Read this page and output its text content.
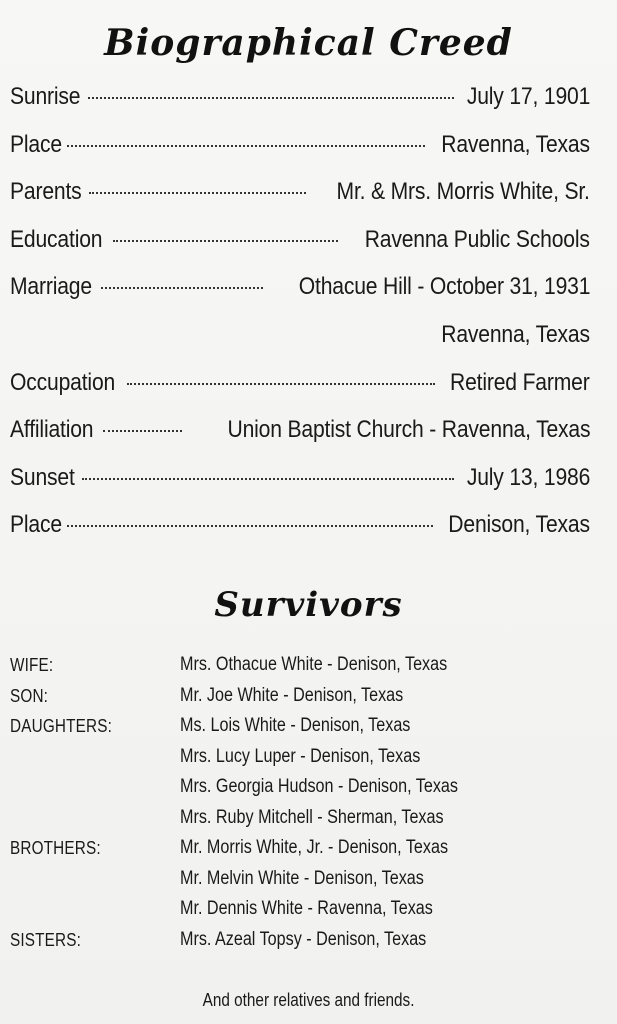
Biographical Creed
Sunrise	July 17, 1901
Place	Ravenna, Texas
Parents	Mr. & Mrs. Morris White, Sr.
Education	Ravenna Public Schools
Marriage	Othacue Hill - October 31, 1931
Ravenna, Texas
Occupation	Retired Farmer
Affiliation	Union Baptist Church - Ravenna, Texas
Sunset	July 13, 1986
Place	Denison, Texas
Survivors
WIFE:	Mrs. Othacue White - Denison, Texas
SON:	Mr. Joe White - Denison, Texas
DAUGHTERS:	Ms. Lois White - Denison, Texas
Mrs. Lucy Luper - Denison, Texas
Mrs. Georgia Hudson - Denison, Texas
Mrs. Ruby Mitchell - Sherman, Texas
BROTHERS:	Mr. Morris White, Jr. - Denison, Texas
Mr. Melvin White - Denison, Texas
Mr. Dennis White - Ravenna, Texas
SISTERS:	Mrs. Azeal Topsy - Denison, Texas
And other relatives and friends.
